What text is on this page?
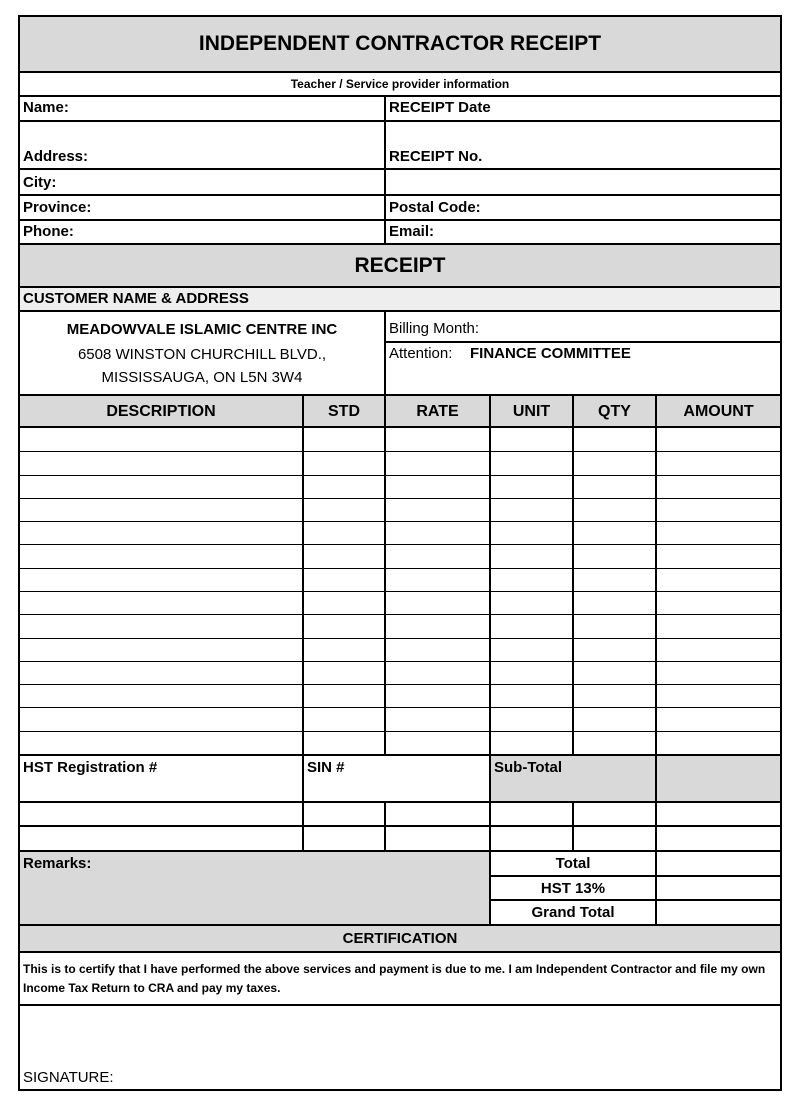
INDEPENDENT CONTRACTOR RECEIPT
Teacher / Service provider information
Name:	RECEIPT Date
Address:	RECEIPT No.
City:
Province:	Postal Code:
Phone:	Email:
RECEIPT
CUSTOMER NAME & ADDRESS
MEADOWVALE ISLAMIC CENTRE INC
6508 WINSTON CHURCHILL BLVD.,
MISSISSAUGA, ON L5N 3W4
Billing Month:
Attention: FINANCE COMMITTEE
DESCRIPTION	STD	RATE	UNIT	QTY	AMOUNT
HST Registration #	SIN #	Sub-Total
Remarks:	Total
HST 13%
Grand Total
CERTIFICATION
This is to certify that I have performed the above services and payment is due to me. I am Independent Contractor and file my own Income Tax Return to CRA and pay my taxes.
SIGNATURE:
